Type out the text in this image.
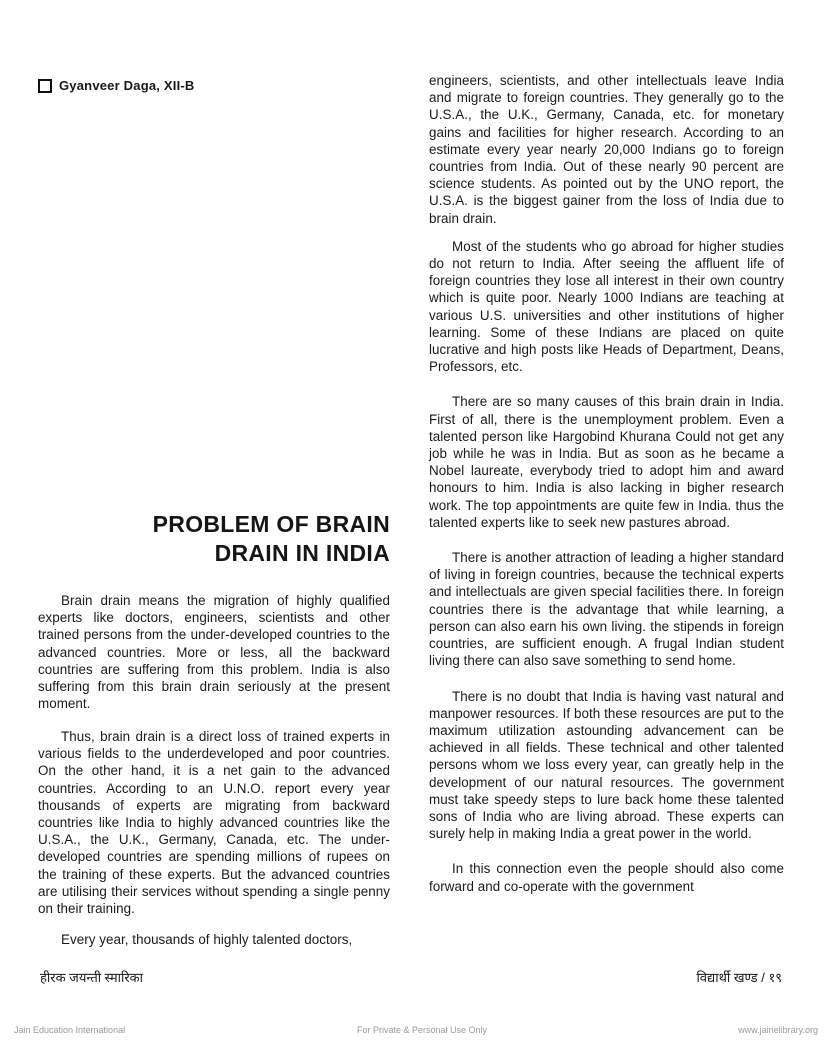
Gyanveer Daga, XII-B
PROBLEM OF BRAIN
DRAIN IN INDIA

Brain drain means the migration of highly qualified experts like doctors, engineers, scientists and other trained persons from the under-developed countries to the advanced countries. More or less, all the backward countries are suffering from this problem. India is also suffering from this brain drain seriously at the present moment.

Thus, brain drain is a direct loss of trained experts in various fields to the underdeveloped and poor countries. On the other hand, it is a net gain to the advanced countries. According to an U.N.O. report every year thousands of experts are migrating from backward countries like India to highly advanced countries like the U.S.A., the U.K., Germany, Canada, etc. The under-developed countries are spending millions of rupees on the training of these experts. But the advanced countries are utilising their services without spending a single penny on their training.

Every year, thousands of highly talented doctors,

engineers, scientists, and other intellectuals leave India and migrate to foreign countries. They generally go to the U.S.A., the U.K., Germany, Canada, etc. for monetary gains and facilities for higher research. According to an estimate every year nearly 20,000 Indians go to foreign countries from India. Out of these nearly 90 percent are science students. As pointed out by the UNO report, the U.S.A. is the biggest gainer from the loss of India due to brain drain.

Most of the students who go abroad for higher studies do not return to India. After seeing the affluent life of foreign countries they lose all interest in their own country which is quite poor. Nearly 1000 Indians are teaching at various U.S. universities and other institutions of higher learning. Some of these Indians are placed on quite lucrative and high posts like Heads of Department, Deans, Professors, etc.

There are so many causes of this brain drain in India. First of all, there is the unemployment problem. Even a talented person like Hargobind Khurana Could not get any job while he was in India. But as soon as he became a Nobel laureate, everybody tried to adopt him and award honours to him. India is also lacking in bigher research work. The top appointments are quite few in India. thus the talented experts like to seek new pastures abroad.

There is another attraction of leading a higher standard of living in foreign countries, because the technical experts and intellectuals are given special facilities there. In foreign countries there is the advantage that while learning, a person can also earn his own living. the stipends in foreign countries, are sufficient enough. A frugal Indian student living there can also save something to send home.

There is no doubt that India is having vast natural and manpower resources. If both these resources are put to the maximum utilization astounding advancement can be achieved in all fields. These technical and other talented persons whom we loss every year, can greatly help in the development of our natural resources. The government must take speedy steps to lure back home these talented sons of India who are living abroad. These experts can surely help in making India a great power in the world.

In this connection even the people should also come forward and co-operate with the government

हीरक जयन्ती स्मारिका	विद्यार्थी खण्ड / १९
Jain Education International	For Private & Personal Use Only	www.jainelibrary.org
